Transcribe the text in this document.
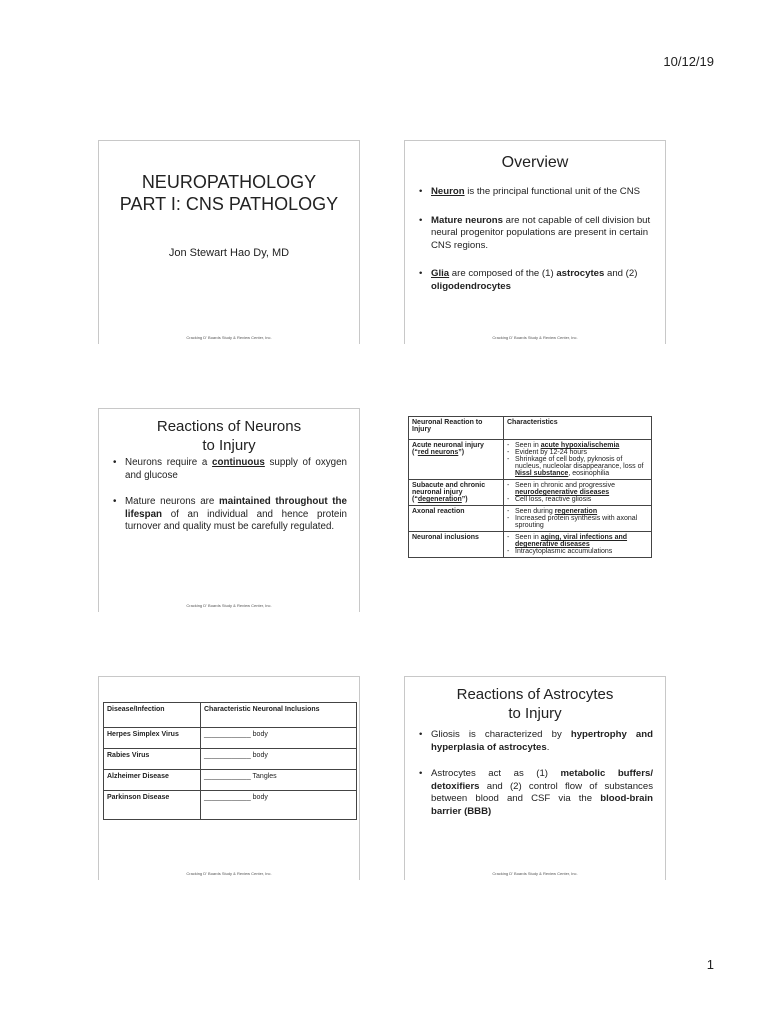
10/12/19
NEUROPATHOLOGY
PART I: CNS PATHOLOGY
Jon Stewart Hao Dy, MD
Cracking D' Boards Study & Review Center, Inc.
Overview
• Neuron is the principal functional unit of the CNS
• Mature neurons are not capable of cell division but neural progenitor populations are present in certain CNS regions.
• Glia are composed of the (1) astrocytes and (2) oligodendrocytes
Cracking D' Boards Study & Review Center, Inc.
Reactions of Neurons
to Injury
• Neurons require a continuous supply of oxygen and glucose
• Mature neurons are maintained throughout the lifespan of an individual and hence protein turnover and quality must be carefully regulated.
Cracking D' Boards Study & Review Center, Inc.
Neuronal Reaction to Injury	Characteristics
Acute neuronal injury (“red neurons”)	- Seen in acute hypoxia/ischemia
- Evident by 12-24 hours
- Shrinkage of cell body, pyknosis of nucleus, nucleolar disappearance, loss of Nissl substance, eosinophilia

Subacute and chronic neuronal injury (“degeneration”)	- Seen in chronic and progressive neurodegenerative diseases
- Cell loss, reactive gliosis

Axonal reaction	- Seen during regeneration
- Increased protein synthesis with axonal sprouting

Neuronal inclusions	- Seen in aging, viral infections and degenerative diseases
- Intracytoplasmic accumulations
Disease/Infection	Characteristic Neuronal Inclusions
Herpes Simplex Virus	____________ body
Rabies Virus	____________ body
Alzheimer Disease	____________ Tangles
Parkinson Disease	____________ body
Cracking D' Boards Study & Review Center, Inc.
Reactions of Astrocytes
to Injury
• Gliosis is characterized by hypertrophy and hyperplasia of astrocytes.
• Astrocytes act as (1) metabolic buffers/ detoxifiers and (2) control flow of substances between blood and CSF via the blood-brain barrier (BBB)
Cracking D' Boards Study & Review Center, Inc.
1
